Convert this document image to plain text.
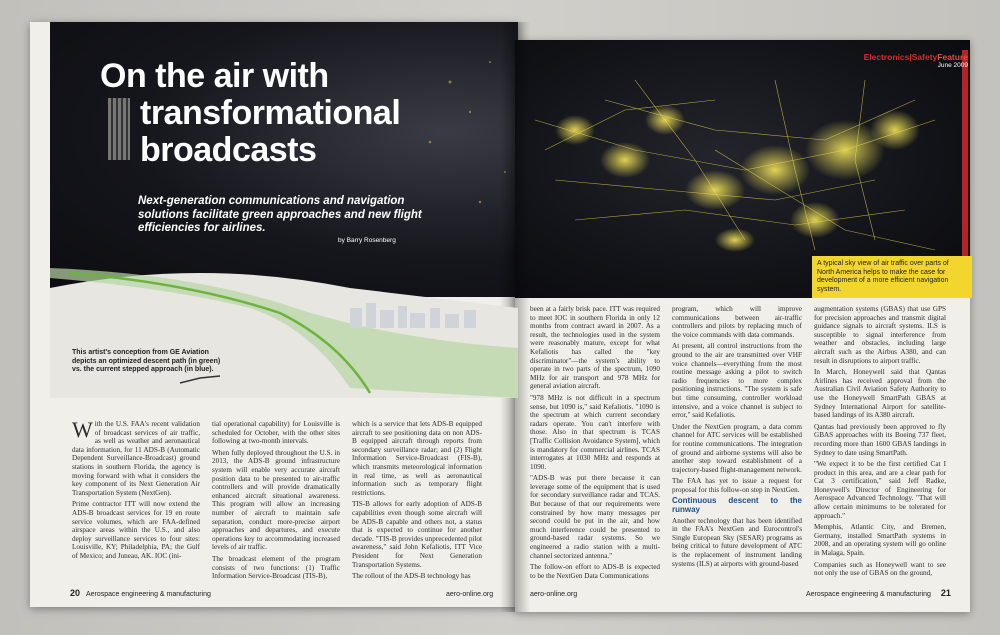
On the air with
transformational
broadcasts
Next-generation communications and navigation solutions facilitate green approaches and new flight efficiencies for airlines.
by Barry Rosenberg
Electronics|SafetyFeature
June 2009
A typical sky view of air traffic over parts of North America helps to make the case for development of a more efficient navigation system.
This artist's conception from GE Aviation depicts an optimized descent path (in green) vs. the current stepped approach (in blue).

With the U.S. FAA's recent validation of broadcast services of air traffic, as well as weather and aeronautical data information, for 11 ADS-B (Automatic Dependent Surveillance-Broadcast) ground stations in southern Florida, the agency is moving forward with what it considers the key component of its Next Generation Air Transportation System (NextGen).

Prime contractor ITT will now extend the ADS-B broadcast services for 19 en route service volumes, which are FAA-defined airspace areas within the U.S., and also deploy surveillance services to four sites: Louisville, KY; Philadelphia, PA; the Gulf of Mexico; and Juneau, AK. IOC (ini-

tial operational capability) for Louisville is scheduled for October, with the other sites following at two-month intervals.

When fully deployed throughout the U.S. in 2013, the ADS-B ground infrastructure system will enable very accurate aircraft position data to be presented to air-traffic controllers and will provide dramatically enhanced aircraft situational awareness. This program will allow an increasing number of aircraft to maintain safe separation, conduct more-precise airport approaches and departures, and execute operations key to accommodating increased levels of air traffic.

The broadcast element of the program consists of two functions: (1) Traffic Information Service-Broadcast (TIS-B),

which is a service that lets ADS-B equipped aircraft to see positioning data on non ADS-B equipped aircraft through reports from secondary surveillance radar; and (2) Flight Information Service-Broadcast (FIS-B), which transmits meteorological information in real time, as well as aeronautical information such as temporary flight restrictions.

TIS-B allows for early adoption of ADS-B capabilities even though some aircraft will be ADS-B capable and others not, a status that is expected to continue for another decade. "TIS-B provides unprecedented pilot awareness," said John Kefaliotis, ITT Vice President for Next Generation Transportation Systems.

The rollout of the ADS-B technology has

been at a fairly brisk pace. ITT was required to meet IOC in southern Florida in only 12 months from contract award in 2007. As a result, the technologies used in the system were reasonably mature, except for what Kefaliotis has called the "key discriminator"—the system's ability to operate in two parts of the spectrum, 1090 MHz for air transport and 978 MHz for general aviation aircraft.

"978 MHz is not difficult in a spectrum sense, but 1090 is," said Kefaliotis. "1090 is the spectrum at which current secondary radars operate. You can't interfere with those. Also in that spectrum is TCAS [Traffic Collision Avoidance System], which is mandatory for commercial airlines. TCAS interrogates at 1030 MHz and responds at 1090.

"ADS-B was put there because it can leverage some of the equipment that is used for secondary surveillance radar and TCAS. But because of that our requirements were constrained by how many messages per second could be put in the air, and how much interference could be presented to ground-based radar systems. So we engineered a radio station with a multi-channel sectorized antenna."

The follow-on effort to ADS-B is expected to be the NextGen Data Communications

program, which will improve communications between air-traffic controllers and pilots by replacing much of the voice commands with data commands.

At present, all control instructions from the ground to the air are transmitted over VHF voice channels—everything from the most routine message asking a pilot to switch radio frequencies to more complex positioning instructions. "The system is safe but time consuming, controller workload intensive, and a voice channel is subject to error," said Kefaliotis.

Under the NextGen program, a data comm channel for ATC services will be established for routine communications. The integration of ground and airborne systems will also be another step toward establishment of a trajectory-based flight-management network.

The FAA has yet to issue a request for proposal for this follow-on step in NextGen.

Continuous descent to the runway

Another technology that has been identified in the FAA's NextGen and Eurocontrol's Single European Sky (SESAR) programs as being critical to future development of ATC is the replacement of instrument landing systems (ILS) at airports with ground-based

augmentation systems (GBAS) that use GPS for precision approaches and transmit digital guidance signals to aircraft systems. ILS is susceptible to signal interference from weather and obstacles, including large aircraft such as the Airbus A380, and can result in disruptions to airport traffic.

In March, Honeywell said that Qantas Airlines has received approval from the Australian Civil Aviation Safety Authority to use the Honeywell SmartPath GBAS at Sydney International Airport for satellite-based landings of its A380 aircraft.

Qantas had previously been approved to fly GBAS approaches with its Boeing 737 fleet, recording more than 1600 GBAS landings in Sydney to date using SmartPath.

"We expect it to be the first certified Cat I product in this area, and are a clear path for Cat 3 certification," said Jeff Radke, Honeywell's Director of Engineering for Aerospace Advanced Technology. "That will allow certain minimums to be tolerated for approach."

Memphis, Atlantic City, and Bremen, Germany, installed SmartPath systems in 2008, and an operating system will go online in Malaga, Spain.

Companies such as Honeywell want to see not only the use of GBAS on the ground,

20 Aerospace engineering & manufacturing	aero-online.org	aero-online.org	Aerospace engineering & manufacturing 21
